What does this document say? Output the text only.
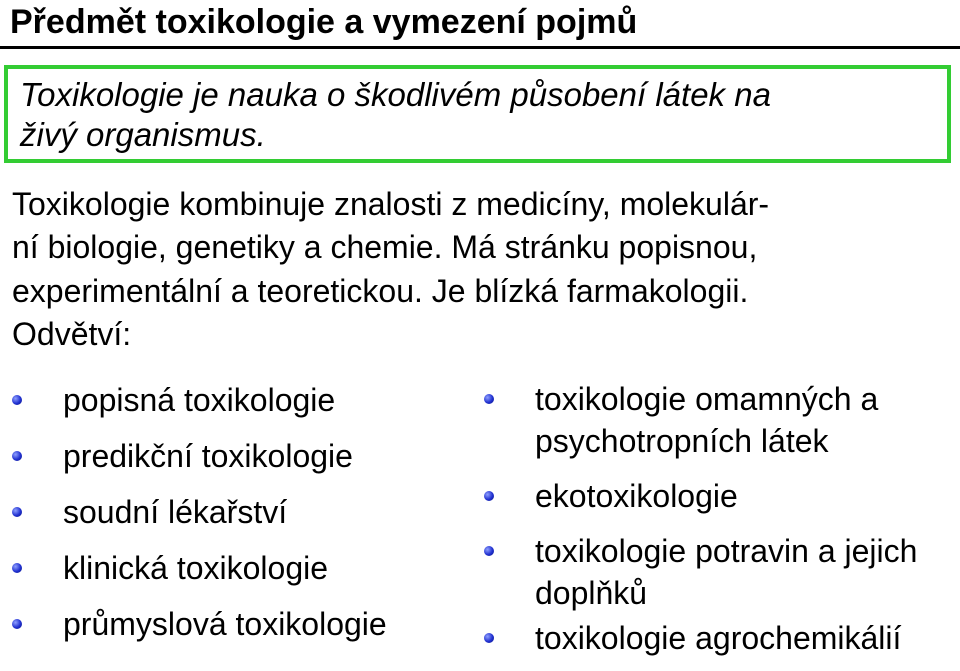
Předmět toxikologie a vymezení pojmů
Toxikologie je nauka o škodlivém působení látek na
živý organismus.
Toxikologie kombinuje znalosti z medicíny, molekulár-
ní biologie, genetiky a chemie. Má stránku popisnou,
experimentální a teoretickou. Je blízká farmakologii.
Odvětví:
popisná toxikologie
predikční toxikologie
soudní lékařství
klinická toxikologie
průmyslová toxikologie
toxikologie omamných a
psychotropních látek
ekotoxikologie
toxikologie potravin a jejich
doplňků
toxikologie agrochemikálií
